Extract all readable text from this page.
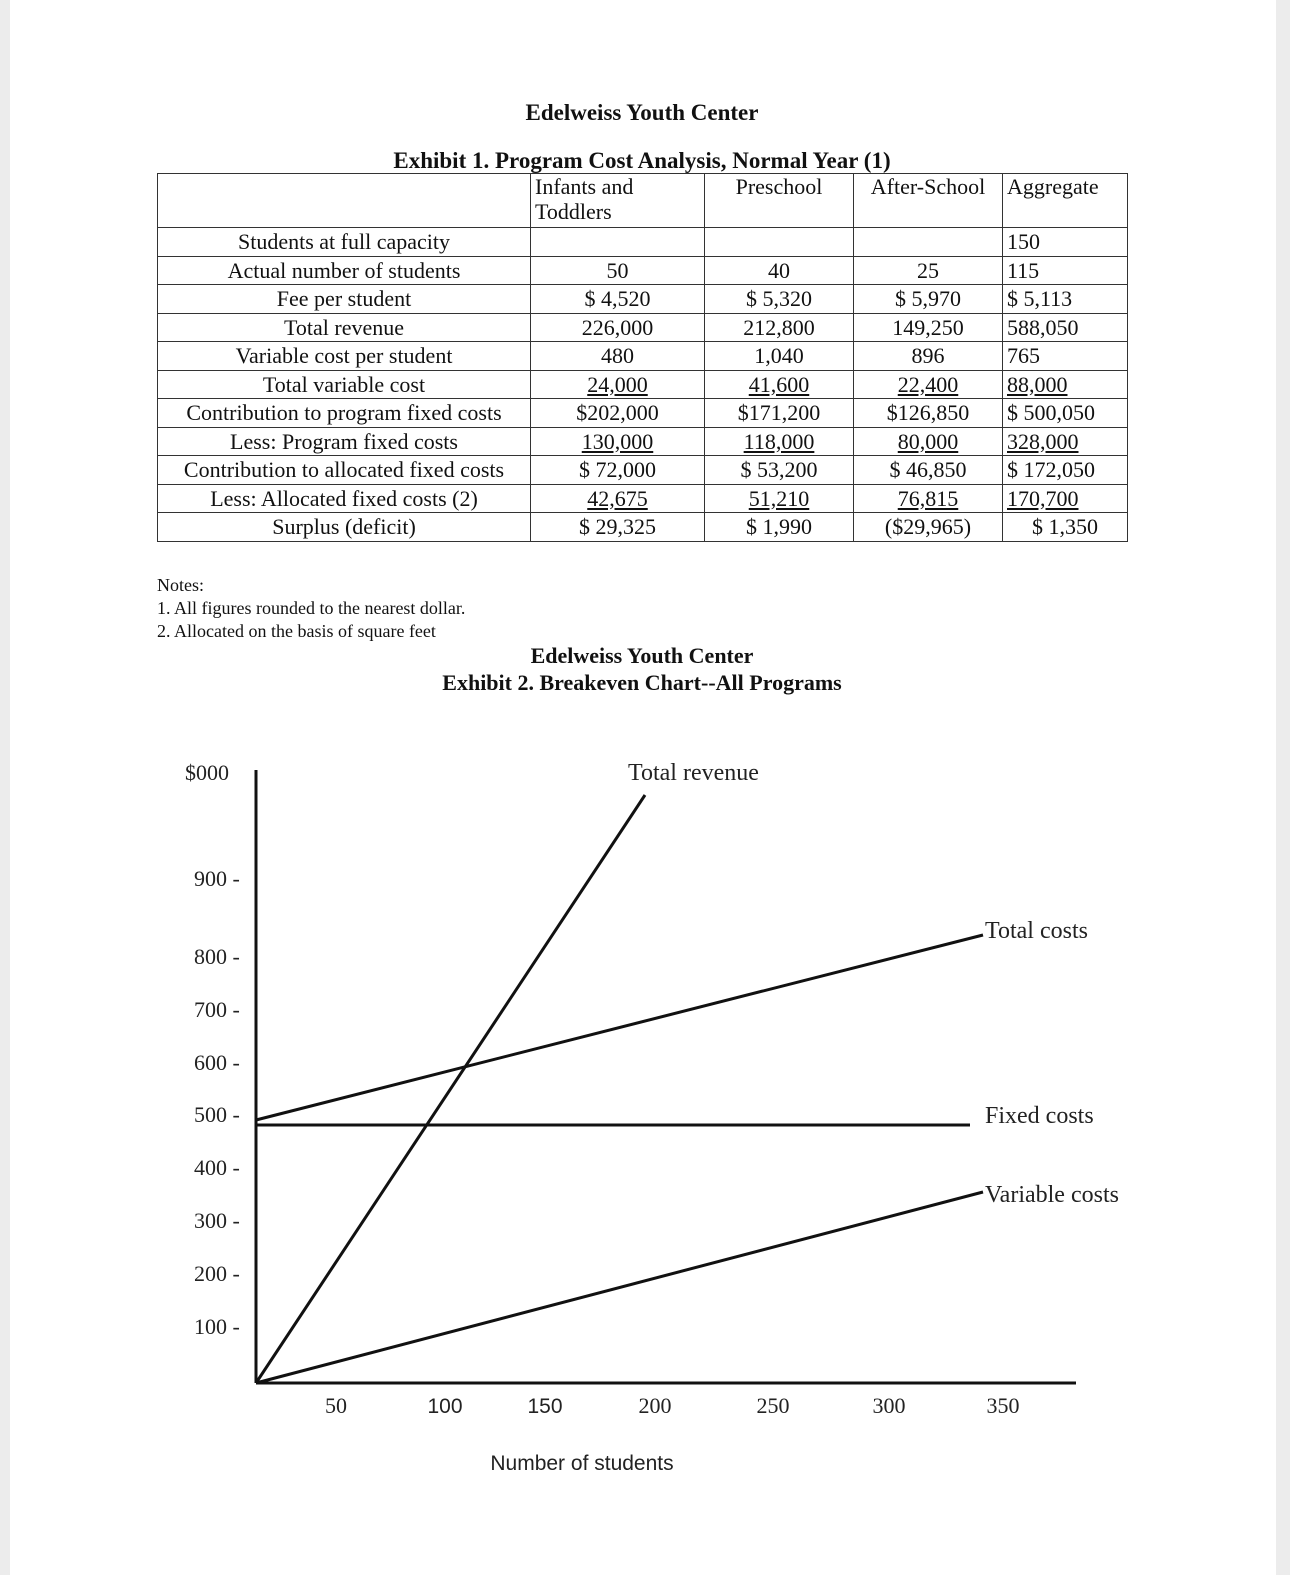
Edelweiss Youth Center
Exhibit 1. Program Cost Analysis, Normal Year (1)
	Infants and Toddlers	Preschool	After-School	Aggregate
Students at full capacity				150
Actual number of students	50	40	25	115
Fee per student	$ 4,520	$ 5,320	$ 5,970	$ 5,113
Total revenue	226,000	212,800	149,250	588,050
Variable cost per student	480	1,040	896	765
Total variable cost	24,000	41,600	22,400	88,000
Contribution to program fixed costs	$202,000	$171,200	$126,850	$ 500,050
Less: Program fixed costs	130,000	118,000	80,000	328,000
Contribution to allocated fixed costs	$ 72,000	$ 53,200	$ 46,850	$ 172,050
Less: Allocated fixed costs (2)	42,675	51,210	76,815	170,700
Surplus (deficit)	$ 29,325	$ 1,990	($29,965)	$ 1,350
Notes:
1. All figures rounded to the nearest dollar.
2. Allocated on the basis of square feet
Edelweiss Youth Center
Exhibit 2. Breakeven Chart--All Programs
$000
100 -
200 -
300 -
400 -
500 -
600 -
700 -
800 -
900 -
50	100	150	200	250	300	350
Total revenue
Total costs
Fixed costs
Variable costs
Number of students
